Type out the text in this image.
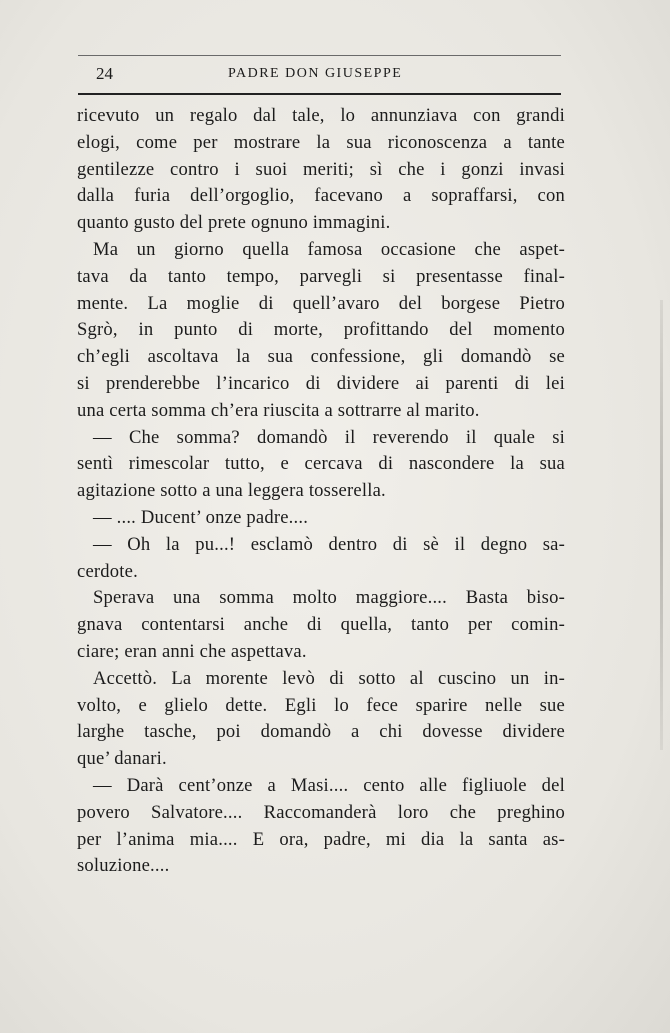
24	PADRE DON GIUSEPPE
ricevuto un regalo dal tale, lo annunziava con grandi
elogi, come per mostrare la sua riconoscenza a tante
gentilezze contro i suoi meriti; sì che i gonzi invasi
dalla furia dell’orgoglio, facevano a sopraffarsi, con
quanto gusto del prete ognuno immagini.
Ma un giorno quella famosa occasione che aspet-
tava da tanto tempo, parvegli si presentasse final-
mente. La moglie di quell’avaro del borgese Pietro
Sgrò, in punto di morte, profittando del momento
ch’egli ascoltava la sua confessione, gli domandò se
si prenderebbe l’incarico di dividere ai parenti di lei
una certa somma ch’era riuscita a sottrarre al marito.
— Che somma? domandò il reverendo il quale si
sentì rimescolar tutto, e cercava di nascondere la sua
agitazione sotto a una leggera tosserella.
— .... Ducent’ onze padre....
— Oh la pu...! esclamò dentro di sè il degno sa-
cerdote.
Sperava una somma molto maggiore.... Basta biso-
gnava contentarsi anche di quella, tanto per comin-
ciare; eran anni che aspettava.
Accettò. La morente levò di sotto al cuscino un in-
volto, e glielo dette. Egli lo fece sparire nelle sue
larghe tasche, poi domandò a chi dovesse dividere
que’ danari.
— Darà cent’onze a Masi.... cento alle figliuole del
povero Salvatore.... Raccomanderà loro che preghino
per l’anima mia.... E ora, padre, mi dia la santa as-
soluzione....
